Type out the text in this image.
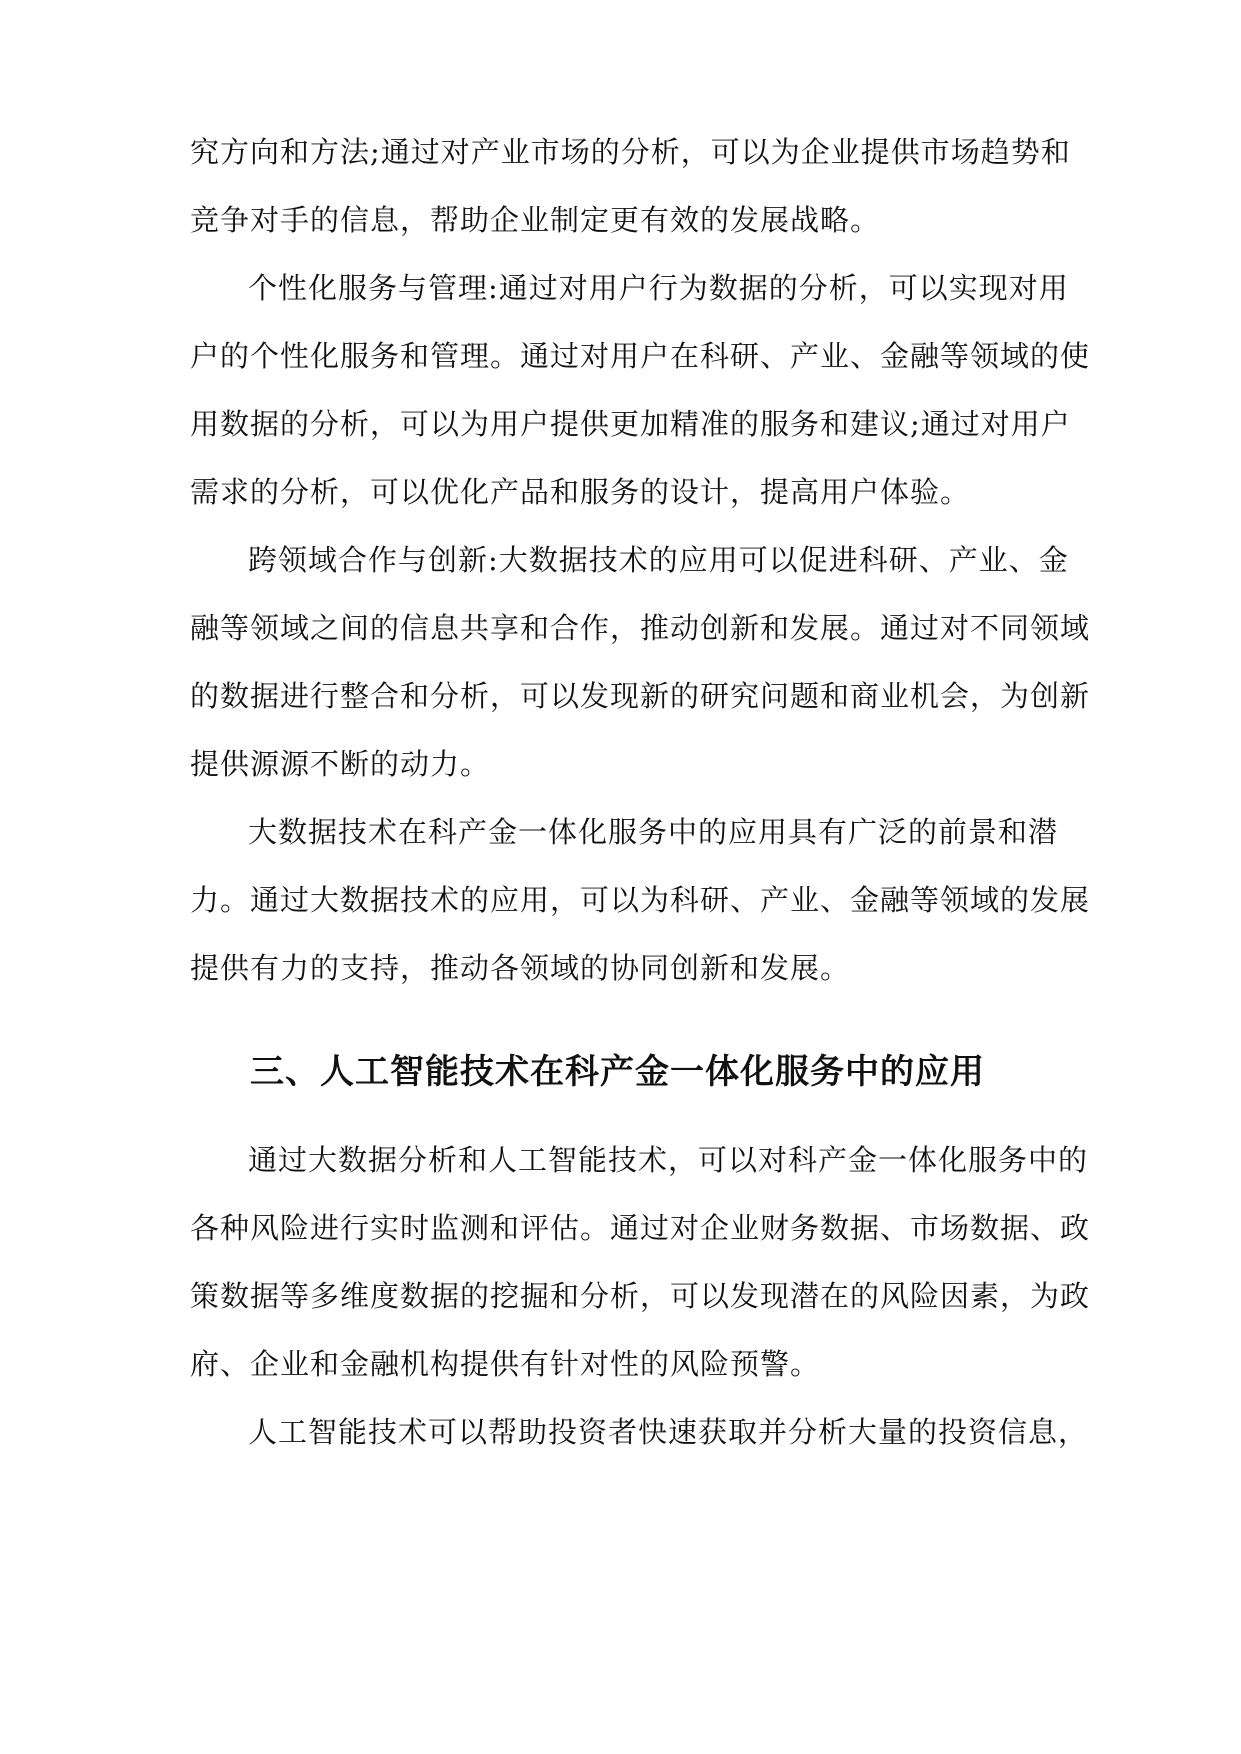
究方向和方法;通过对产业市场的分析，可以为企业提供市场趋势和
竞争对手的信息，帮助企业制定更有效的发展战略。
个性化服务与管理:通过对用户行为数据的分析，可以实现对用
户的个性化服务和管理。通过对用户在科研、产业、金融等领域的使
用数据的分析，可以为用户提供更加精准的服务和建议;通过对用户
需求的分析，可以优化产品和服务的设计，提高用户体验。
跨领域合作与创新:大数据技术的应用可以促进科研、产业、金
融等领域之间的信息共享和合作，推动创新和发展。通过对不同领域
的数据进行整合和分析，可以发现新的研究问题和商业机会，为创新
提供源源不断的动力。
大数据技术在科产金一体化服务中的应用具有广泛的前景和潜
力。通过大数据技术的应用，可以为科研、产业、金融等领域的发展
提供有力的支持，推动各领域的协同创新和发展。
三、人工智能技术在科产金一体化服务中的应用
通过大数据分析和人工智能技术，可以对科产金一体化服务中的
各种风险进行实时监测和评估。通过对企业财务数据、市场数据、政
策数据等多维度数据的挖掘和分析，可以发现潜在的风险因素，为政
府、企业和金融机构提供有针对性的风险预警。
人工智能技术可以帮助投资者快速获取并分析大量的投资信息，
